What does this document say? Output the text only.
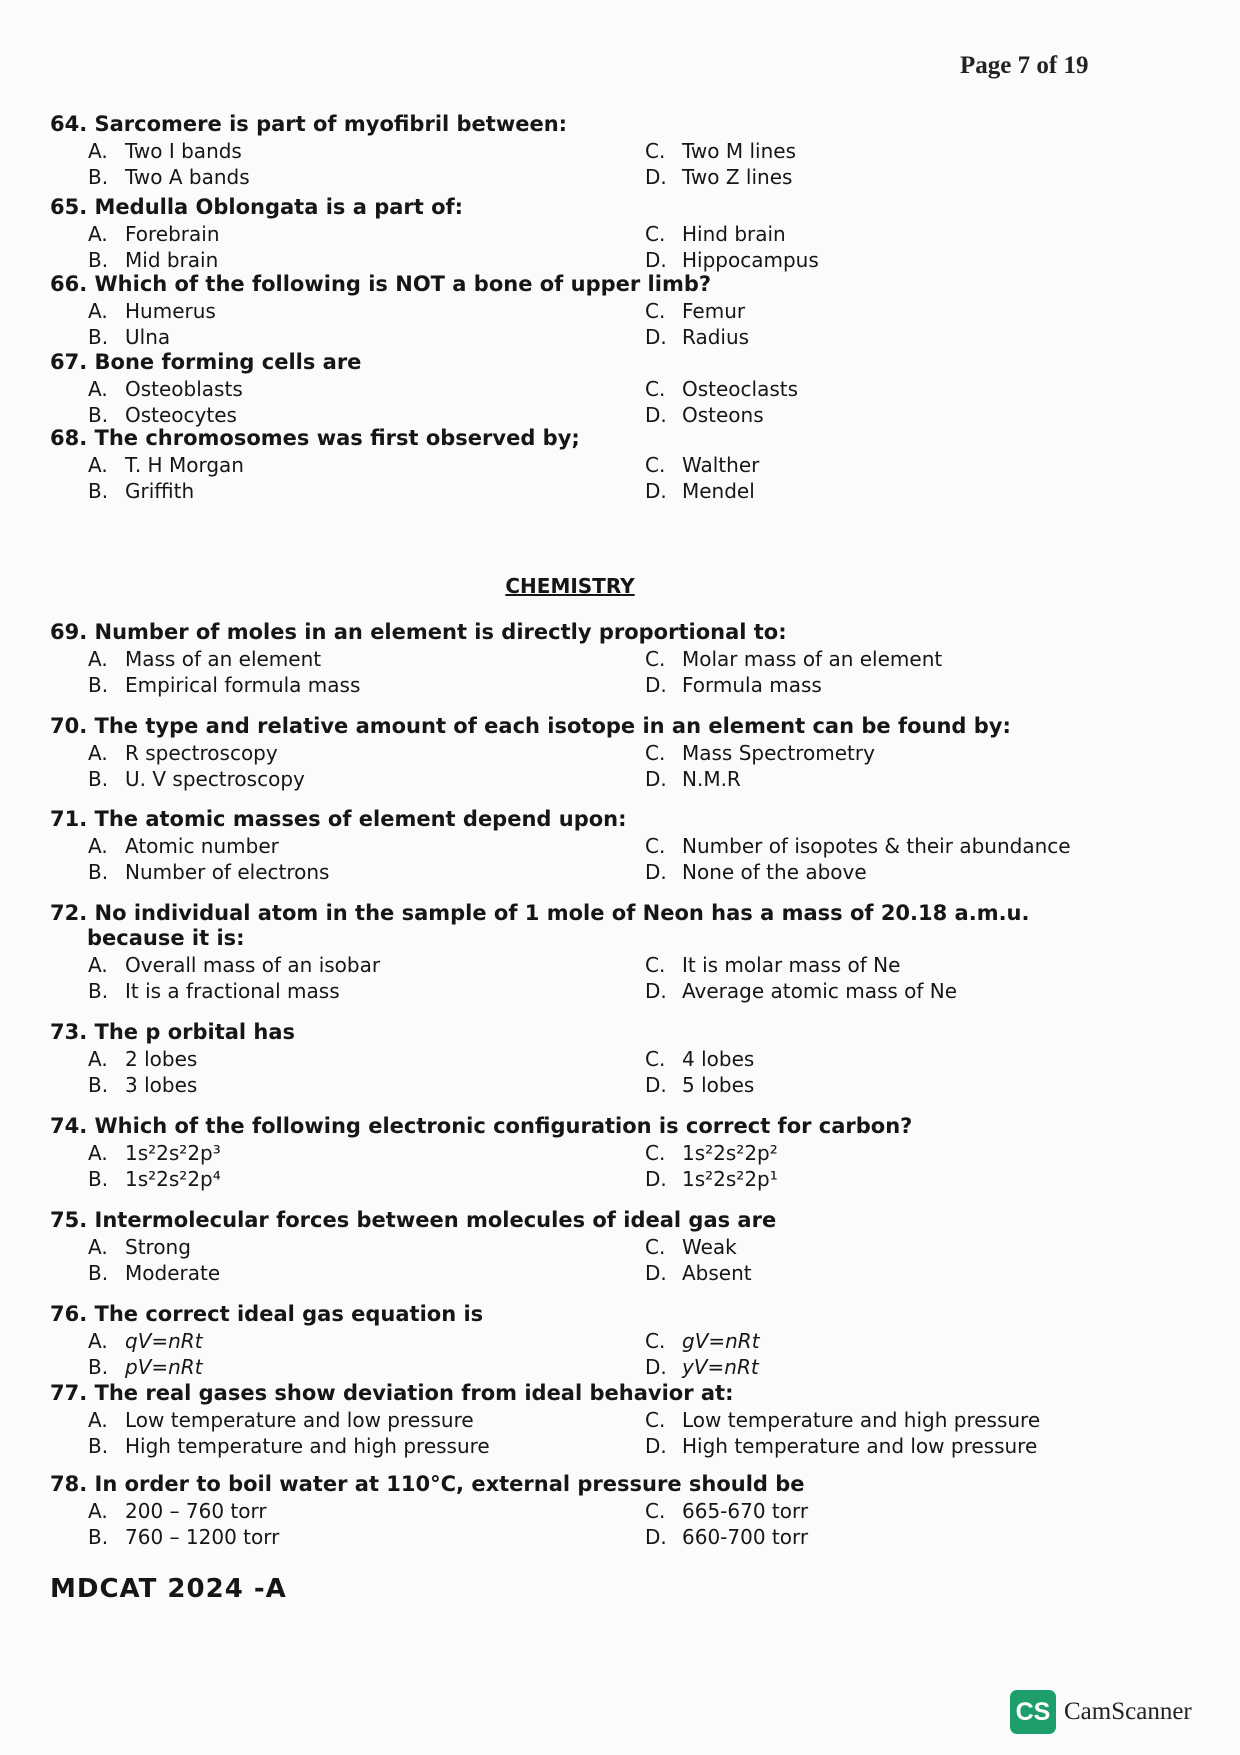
Page 7 of 19
64. Sarcomere is part of myofibril between:
A. Two I bands
B. Two A bands
C. Two M lines
D. Two Z lines
65. Medulla Oblongata is a part of:
A. Forebrain
B. Mid brain
C. Hind brain
D. Hippocampus
66. Which of the following is NOT a bone of upper limb?
A. Humerus
B. Ulna
C. Femur
D. Radius
67. Bone forming cells are
A. Osteoblasts
B. Osteocytes
C. Osteoclasts
D. Osteons
68. The chromosomes was first observed by;
A. T. H Morgan
B. Griffith
C. Walther
D. Mendel
CHEMISTRY
69. Number of moles in an element is directly proportional to:
A. Mass of an element
B. Empirical formula mass
C. Molar mass of an element
D. Formula mass
70. The type and relative amount of each isotope in an element can be found by:
A. R spectroscopy
B. U. V spectroscopy
C. Mass Spectrometry
D. N.M.R
71. The atomic masses of element depend upon:
A. Atomic number
B. Number of electrons
C. Number of isopotes & their abundance
D. None of the above
72. No individual atom in the sample of 1 mole of Neon has a mass of 20.18 a.m.u. because it is:
A. Overall mass of an isobar
B. It is a fractional mass
C. It is molar mass of Ne
D. Average atomic mass of Ne
73. The p orbital has
A. 2 lobes
B. 3 lobes
C. 4 lobes
D. 5 lobes
74. Which of the following electronic configuration is correct for carbon?
A. 1s²2s²2p³
B. 1s²2s²2p⁴
C. 1s²2s²2p²
D. 1s²2s²2p¹
75. Intermolecular forces between molecules of ideal gas are
A. Strong
B. Moderate
C. Weak
D. Absent
76. The correct ideal gas equation is
A. qV=nRt
B. pV=nRt
C. gV=nRt
D. yV=nRt
77. The real gases show deviation from ideal behavior at:
A. Low temperature and low pressure
B. High temperature and high pressure
C. Low temperature and high pressure
D. High temperature and low pressure
78. In order to boil water at 110°C, external pressure should be
A. 200 – 760 torr
B. 760 – 1200 torr
C. 665-670 torr
D. 660-700 torr
MDCAT 2024 -A
CS CamScanner
